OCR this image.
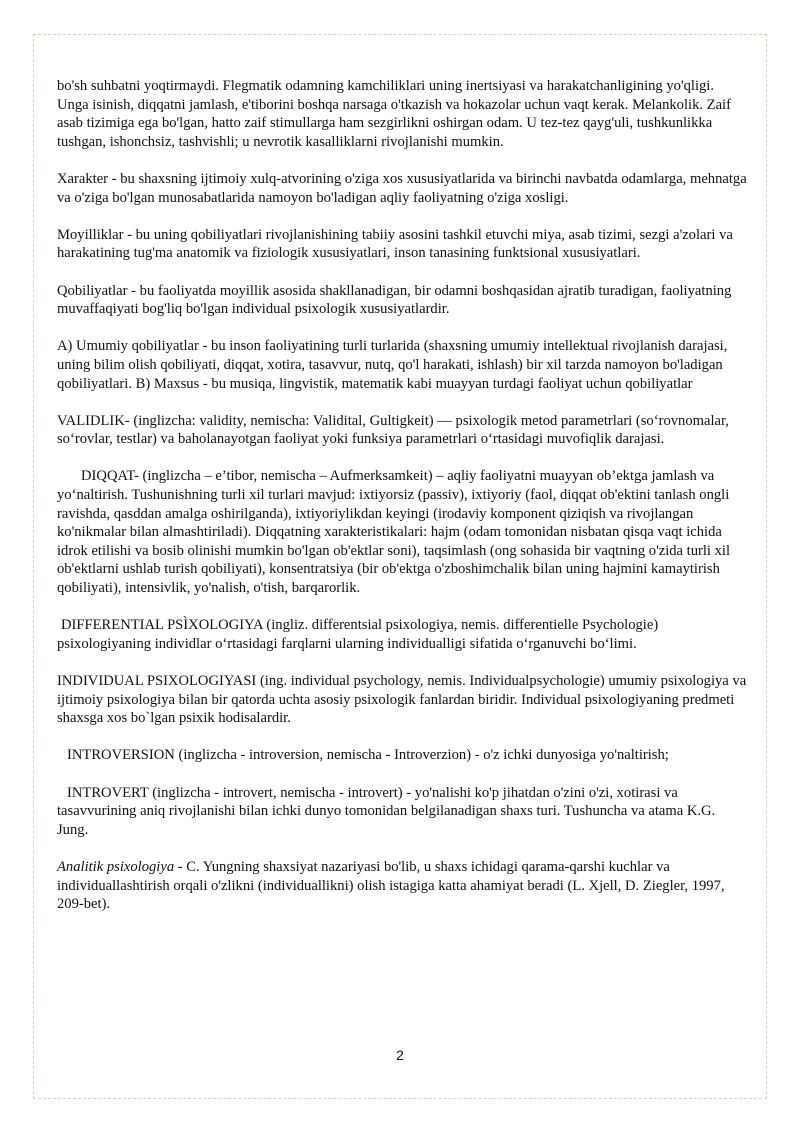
bo'sh suhbatni yoqtirmaydi. Flegmatik odamning kamchiliklari uning inertsiyasi va harakatchanligining yo'qligi. Unga isinish, diqqatni jamlash, e'tiborini boshqa narsaga o'tkazish va hokazolar uchun vaqt kerak. Melankolik. Zaif asab tizimiga ega bo'lgan, hatto zaif stimullarga ham sezgirlikni oshirgan odam. U tez-tez qayg'uli, tushkunlikka tushgan, ishonchsiz, tashvishli; u nevrotik kasalliklarni rivojlanishi mumkin.

Xarakter - bu shaxsning ijtimoiy xulq-atvorining o'ziga xos xususiyatlarida va birinchi navbatda odamlarga, mehnatga va o'ziga bo'lgan munosabatlarida namoyon bo'ladigan aqliy faoliyatning o'ziga xosligi.

Moyilliklar - bu uning qobiliyatlari rivojlanishining tabiiy asosini tashkil etuvchi miya, asab tizimi, sezgi a'zolari va harakatining tug'ma anatomik va fiziologik xususiyatlari, inson tanasining funktsional xususiyatlari.

Qobiliyatlar - bu faoliyatda moyillik asosida shakllanadigan, bir odamni boshqasidan ajratib turadigan, faoliyatning muvaffaqiyati bog'liq bo'lgan individual psixologik xususiyatlardir.

A) Umumiy qobiliyatlar - bu inson faoliyatining turli turlarida (shaxsning umumiy intellektual rivojlanish darajasi, uning bilim olish qobiliyati, diqqat, xotira, tasavvur, nutq, qo'l harakati, ishlash) bir xil tarzda namoyon bo'ladigan qobiliyatlari. B) Maxsus - bu musiqa, lingvistik, matematik kabi muayyan turdagi faoliyat uchun qobiliyatlar

VALIDLIK- (inglizcha: validity, nemischa: Validital, Gultigkeit) — psixologik metod parametrlari (so‘rovnomalar, so‘rovlar, testlar) va baholanayotgan faoliyat yoki funksiya parametrlari o‘rtasidagi muvofiqlik darajasi.

DIQQAT- (inglizcha – e’tibor, nemischa – Aufmerksamkeit) – aqliy faoliyatni muayyan ob’ektga jamlash va yo‘naltirish. Tushunishning turli xil turlari mavjud: ixtiyorsiz (passiv), ixtiyoriy (faol, diqqat ob'ektini tanlash ongli ravishda, qasddan amalga oshirilganda), ixtiyoriylikdan keyingi (irodaviy komponent qiziqish va rivojlangan ko'nikmalar bilan almashtiriladi). Diqqatning xarakteristikalari: hajm (odam tomonidan nisbatan qisqa vaqt ichida idrok etilishi va bosib olinishi mumkin bo'lgan ob'ektlar soni), taqsimlash (ong sohasida bir vaqtning o'zida turli xil ob'ektlarni ushlab turish qobiliyati), konsentratsiya (bir ob'ektga o'zboshimchalik bilan uning hajmini kamaytirish qobiliyati), intensivlik, yo'nalish, o'tish, barqarorlik.

DIFFERENTIAL PSÌXOLOGIYA (ingliz. differentsial psixologiya, nemis. differentielle Psychologie) psixologiyaning individlar o‘rtasidagi farqlarni ularning individualligi sifatida o‘rganuvchi bo‘limi.

INDIVIDUAL PSIXOLOGIYASI (ing. individual psychology, nemis. Individualpsychologie) umumiy psixologiya va ijtimoiy psixologiya bilan bir qatorda uchta asosiy psixologik fanlardan biridir. Individual psixologiyaning predmeti shaxsga xos bo`lgan psixik hodisalardir.

INTROVERSION (inglizcha - introversion, nemischa - Introverzion) - o'z ichki dunyosiga yo'naltirish;

INTROVERT (inglizcha - introvert, nemischa - introvert) - yo'nalishi ko'p jihatdan o'zini o'zi, xotirasi va tasavvurining aniq rivojlanishi bilan ichki dunyo tomonidan belgilanadigan shaxs turi. Tushuncha va atama K.G. Jung.

Analitik psixologiya - C. Yungning shaxsiyat nazariyasi bo'lib, u shaxs ichidagi qarama-qarshi kuchlar va individuallashtirish orqali o'zlikni (individuallikni) olish istagiga katta ahamiyat beradi (L. Xjell, D. Ziegler, 1997, 209-bet).

2
